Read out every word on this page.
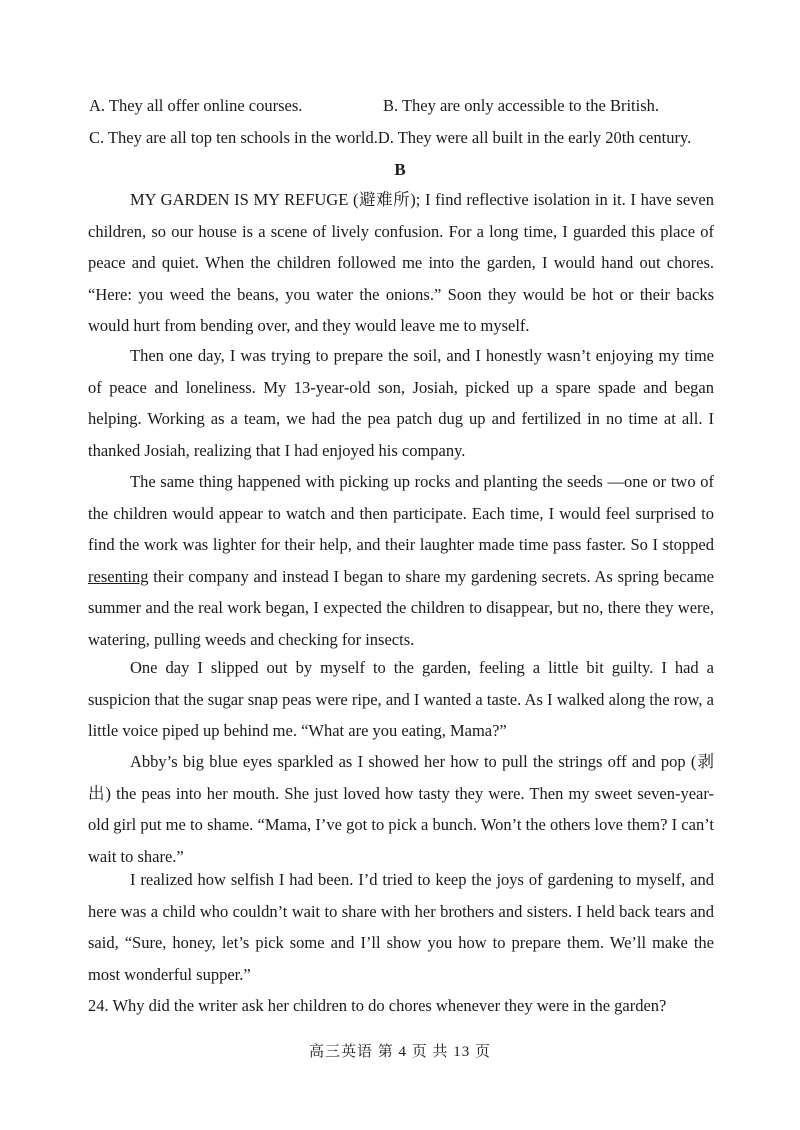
A. They all offer online courses.	B. They are only accessible to the British.
C. They are all top ten schools in the world.D. They were all built in the early 20th century.
B
MY GARDEN IS MY REFUGE (避难所); I find reflective isolation in it. I have seven children, so our house is a scene of lively confusion. For a long time, I guarded this place of peace and quiet. When the children followed me into the garden, I would hand out chores. “Here: you weed the beans, you water the onions.” Soon they would be hot or their backs would hurt from bending over, and they would leave me to myself.
Then one day, I was trying to prepare the soil, and I honestly wasn’t enjoying my time of peace and loneliness. My 13-year-old son, Josiah, picked up a spare spade and began helping. Working as a team, we had the pea patch dug up and fertilized in no time at all. I thanked Josiah, realizing that I had enjoyed his company.
The same thing happened with picking up rocks and planting the seeds —one or two of the children would appear to watch and then participate. Each time, I would feel surprised to find the work was lighter for their help, and their laughter made time pass faster. So I stopped resenting their company and instead I began to share my gardening secrets. As spring became summer and the real work began, I expected the children to disappear, but no, there they were, watering, pulling weeds and checking for insects.
One day I slipped out by myself to the garden, feeling a little bit guilty. I had a suspicion that the sugar snap peas were ripe, and I wanted a taste. As I walked along the row, a little voice piped up behind me. “What are you eating, Mama?”
Abby’s big blue eyes sparkled as I showed her how to pull the strings off and pop (剥出) the peas into her mouth. She just loved how tasty they were. Then my sweet seven-year-old girl put me to shame. “Mama, I’ve got to pick a bunch. Won’t the others love them? I can’t wait to share.”
I realized how selfish I had been. I’d tried to keep the joys of gardening to myself, and here was a child who couldn’t wait to share with her brothers and sisters. I held back tears and said, “Sure, honey, let’s pick some and I’ll show you how to prepare them. We’ll make the most wonderful supper.”
24. Why did the writer ask her children to do chores whenever they were in the garden?
高三英语 第 4 页 共 13 页
